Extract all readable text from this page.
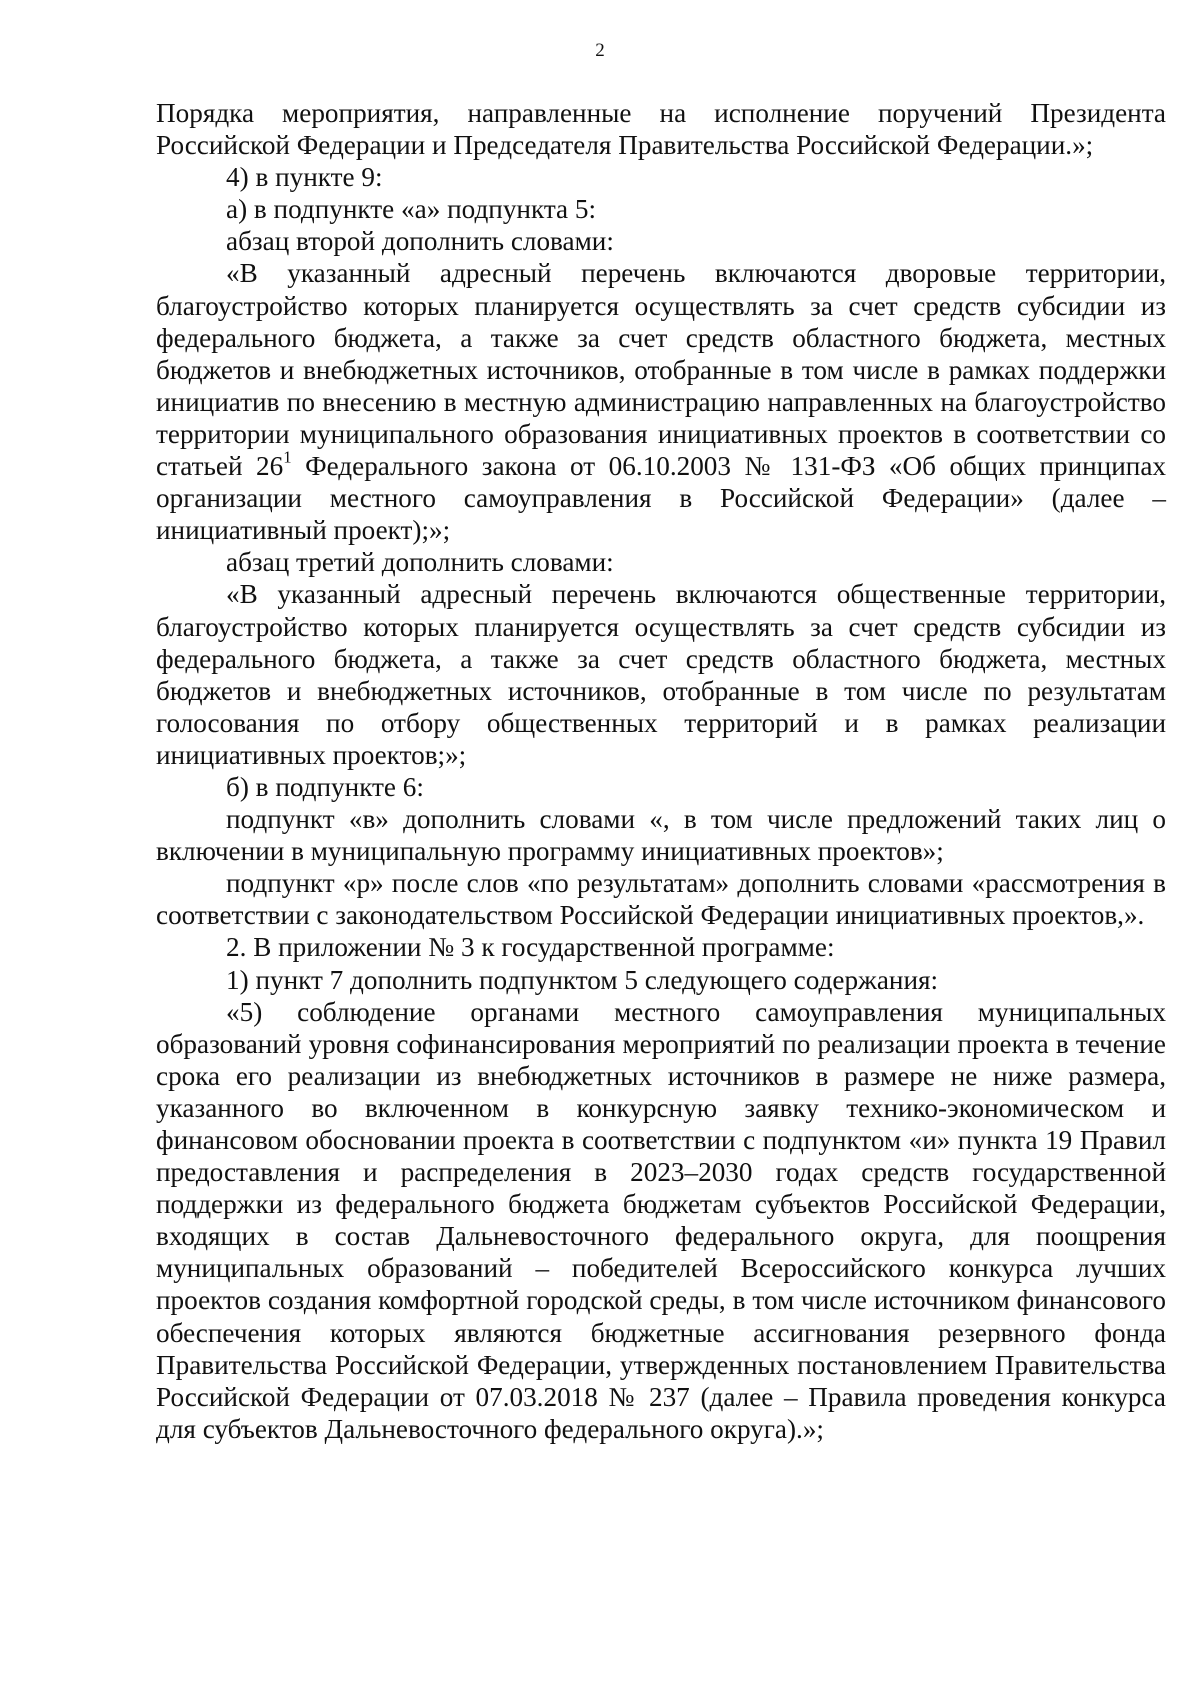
2

Порядка мероприятия, направленные на исполнение поручений Президента Российской Федерации и Председателя Правительства Российской Федерации.»;

4) в пункте 9:

а) в подпункте «а» подпункта 5:

абзац второй дополнить словами:

«В указанный адресный перечень включаются дворовые территории, благоустройство которых планируется осуществлять за счет средств субсидии из федерального бюджета, а также за счет средств областного бюджета, местных бюджетов и внебюджетных источников, отобранные в том числе в рамках поддержки инициатив по внесению в местную администрацию направленных на благоустройство территории муниципального образования инициативных проектов в соответствии со статьей $26^1$ Федерального закона от 06.10.2003 № 131-ФЗ «Об общих принципах организации местного самоуправления в Российской Федерации» (далее – инициативный проект);»;

абзац третий дополнить словами:

«В указанный адресный перечень включаются общественные территории, благоустройство которых планируется осуществлять за счет средств субсидии из федерального бюджета, а также за счет средств областного бюджета, местных бюджетов и внебюджетных источников, отобранные в том числе по результатам голосования по отбору общественных территорий и в рамках реализации инициативных проектов;»;

б) в подпункте 6:

подпункт «в» дополнить словами «, в том числе предложений таких лиц о включении в муниципальную программу инициативных проектов»;

подпункт «р» после слов «по результатам» дополнить словами «рассмотрения в соответствии с законодательством Российской Федерации инициативных проектов,».

2. В приложении № 3 к государственной программе:

1) пункт 7 дополнить подпунктом 5 следующего содержания:

«5) соблюдение органами местного самоуправления муниципальных образований уровня софинансирования мероприятий по реализации проекта в течение срока его реализации из внебюджетных источников в размере не ниже размера, указанного во включенном в конкурсную заявку технико-экономическом и финансовом обосновании проекта в соответствии с подпунктом «и» пункта 19 Правил предоставления и распределения в 2023–2030 годах средств государственной поддержки из федерального бюджета бюджетам субъектов Российской Федерации, входящих в состав Дальневосточного федерального округа, для поощрения муниципальных образований – победителей Всероссийского конкурса лучших проектов создания комфортной городской среды, в том числе источником финансового обеспечения которых являются бюджетные ассигнования резервного фонда Правительства Российской Федерации, утвержденных постановлением Правительства Российской Федерации от 07.03.2018 № 237 (далее – Правила проведения конкурса для субъектов Дальневосточного федерального округа).»;
